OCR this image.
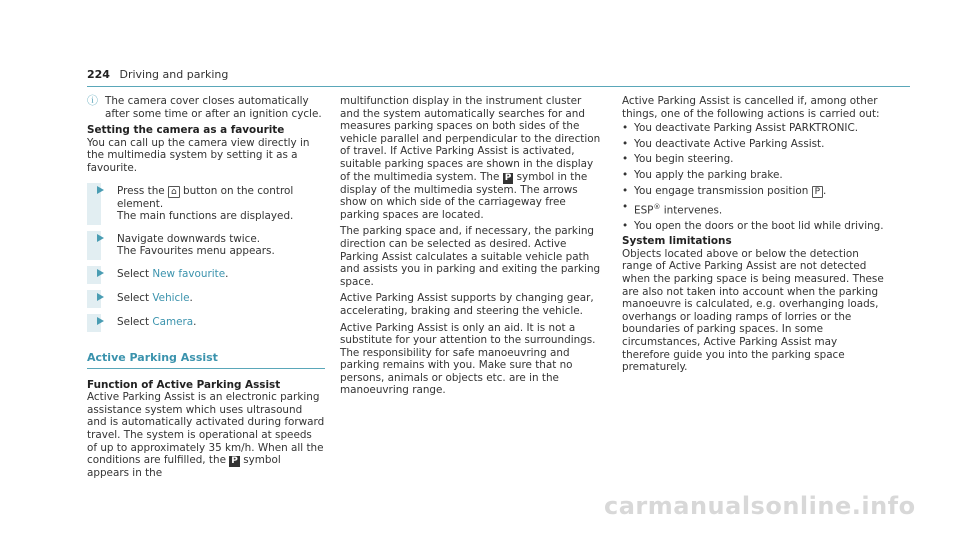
224 Driving and parking

ⓘ The camera cover closes automatically after some time or after an ignition cycle.

Setting the camera as a favourite

You can call up the camera view directly in the multimedia system by setting it as a favourite.

Press the ⌂ button on the control element.
The main functions are displayed.
Navigate downwards twice.
The Favourites menu appears.
Select New favourite.
Select Vehicle.
Select Camera.
Active Parking Assist

Function of Active Parking Assist

Active Parking Assist is an electronic parking assistance system which uses ultrasound and is automatically activated during forward travel. The system is operational at speeds of up to approximately 35 km/h. When all the conditions are fulfilled, the P symbol appears in the

multifunction display in the instrument cluster and the system automatically searches for and measures parking spaces on both sides of the vehicle parallel and perpendicular to the direction of travel. If Active Parking Assist is activated, suitable parking spaces are shown in the display of the multimedia system. The P symbol in the display of the multimedia system. The arrows show on which side of the carriageway free parking spaces are located.

The parking space and, if necessary, the parking direction can be selected as desired. Active Parking Assist calculates a suitable vehicle path and assists you in parking and exiting the parking space.

Active Parking Assist supports by changing gear, accelerating, braking and steering the vehicle.

Active Parking Assist is only an aid. It is not a substitute for your attention to the surroundings. The responsibility for safe manoeuvring and parking remains with you. Make sure that no persons, animals or objects etc. are in the manoeuvring range.

Active Parking Assist is cancelled if, among other things, one of the following actions is carried out:

• You deactivate Parking Assist PARKTRONIC.
• You deactivate Active Parking Assist.
• You begin steering.
• You apply the parking brake.
• You engage transmission position P .
• ESP® intervenes.
• You open the doors or the boot lid while driving.

System limitations

Objects located above or below the detection range of Active Parking Assist are not detected when the parking space is being measured. These are also not taken into account when the parking manoeuvre is calculated, e.g. overhanging loads, overhangs or loading ramps of lorries or the boundaries of parking spaces. In some circumstances, Active Parking Assist may therefore guide you into the parking space prematurely.

carmanualsonline.info
